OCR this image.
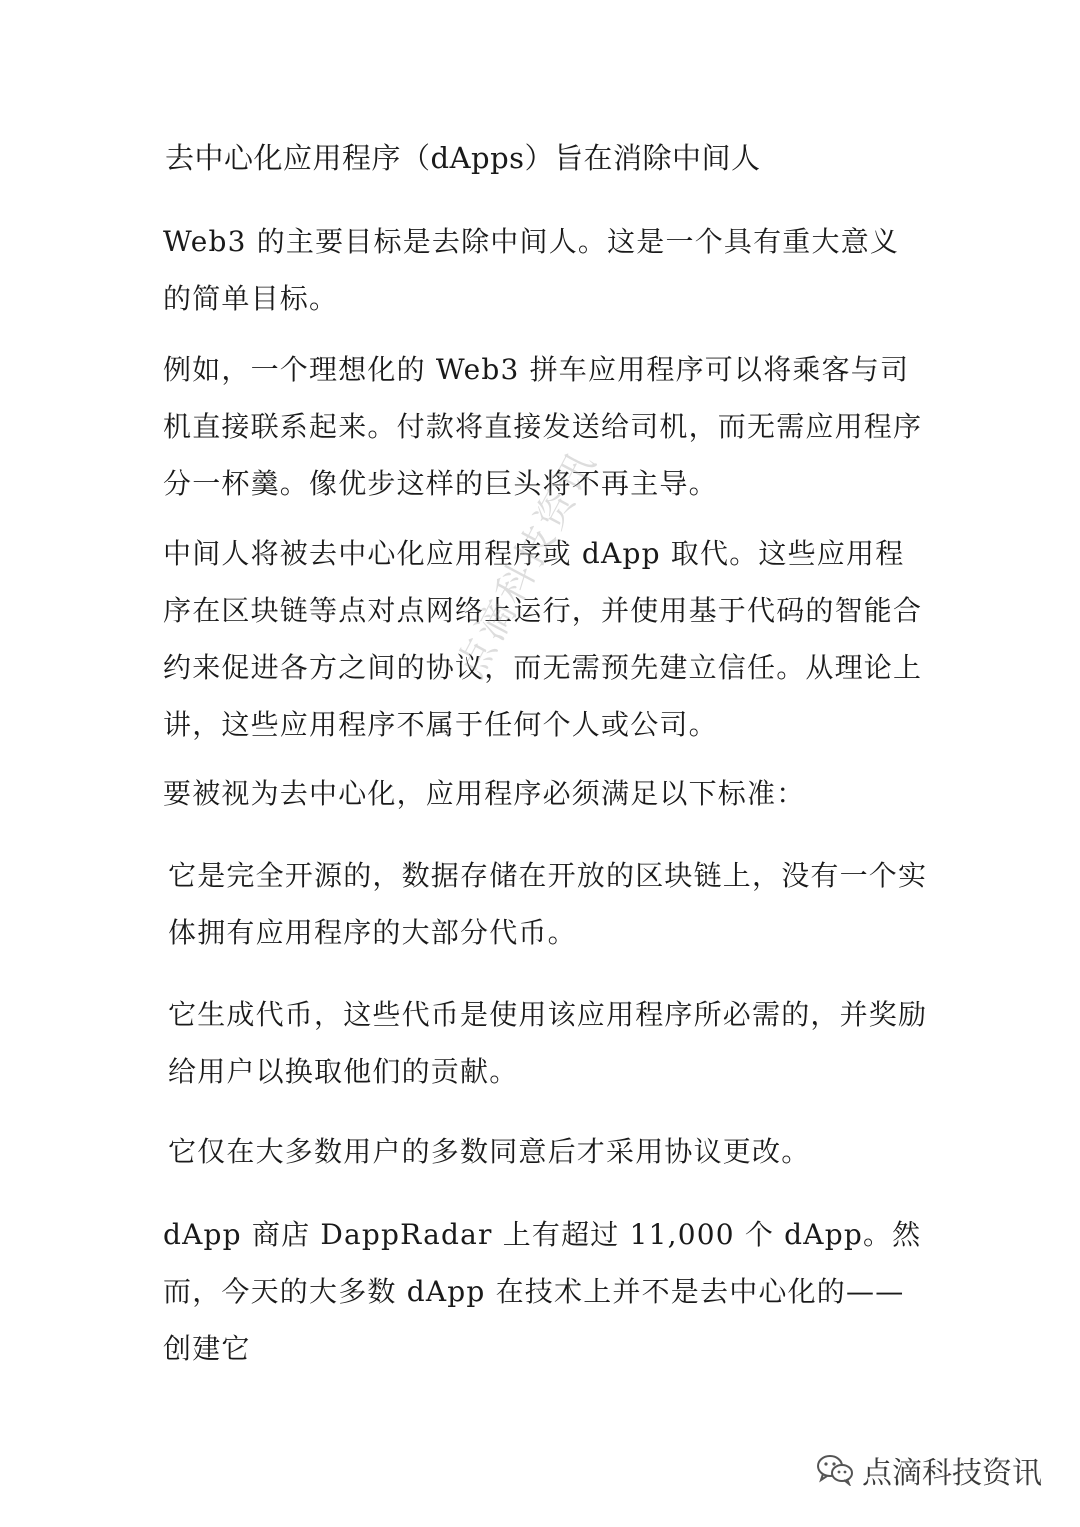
去中心化应用程序（dApps）旨在消除中间人

Web3 的主要目标是去除中间人。这是一个具有重大意义的简单目标。

例如，一个理想化的 Web3 拼车应用程序可以将乘客与司机直接联系起来。付款将直接发送给司机，而无需应用程序分一杯羹。像优步这样的巨头将不再主导。

中间人将被去中心化应用程序或 dApp 取代。这些应用程序在区块链等点对点网络上运行，并使用基于代码的智能合约来促进各方之间的协议，而无需预先建立信任。从理论上讲，这些应用程序不属于任何个人或公司。

要被视为去中心化，应用程序必须满足以下标准：

它是完全开源的，数据存储在开放的区块链上，没有一个实体拥有应用程序的大部分代币。

它生成代币，这些代币是使用该应用程序所必需的，并奖励给用户以换取他们的贡献。

它仅在大多数用户的多数同意后才采用协议更改。

dApp 商店 DappRadar 上有超过 11,000 个 dApp。然而，今天的大多数 dApp 在技术上并不是去中心化的——创建它

点滴科技资讯
点滴科技资讯
